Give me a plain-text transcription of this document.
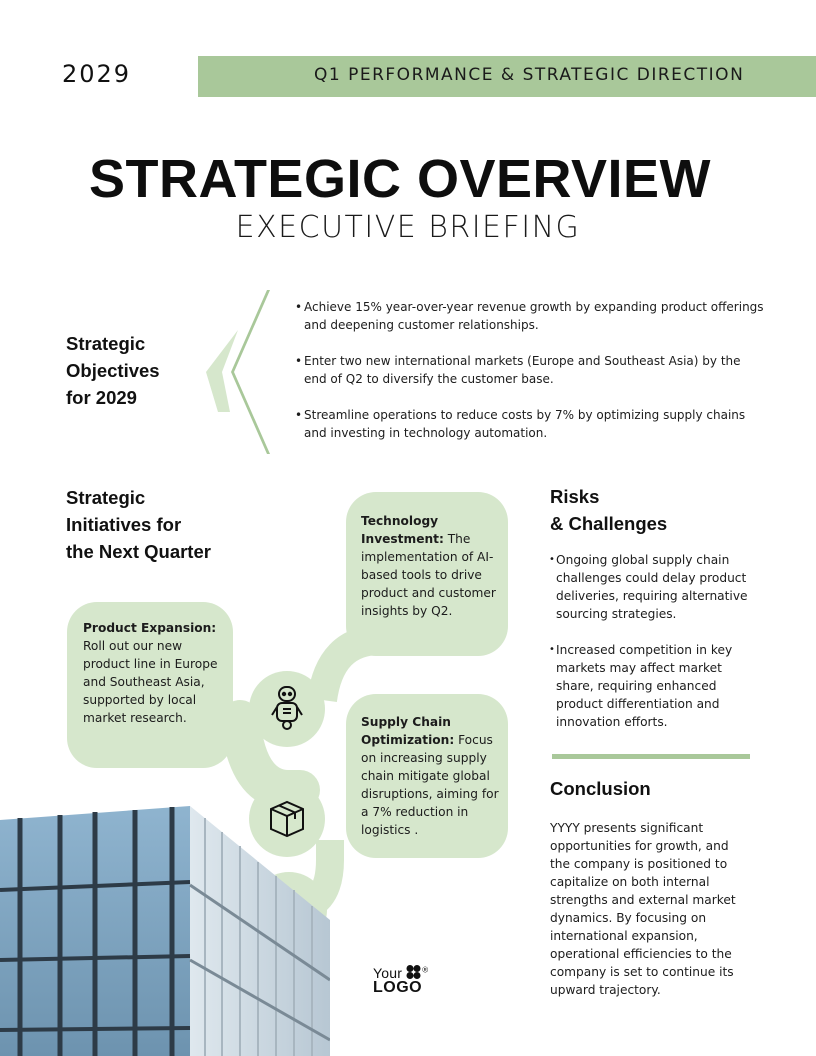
2029	Q1 PERFORMANCE & STRATEGIC DIRECTION
STRATEGIC OVERVIEW
EXECUTIVE BRIEFING
Strategic
Objectives
for 2029
• Achieve 15% year-over-year revenue growth by expanding product offerings and deepening customer relationships.
• Enter two new international markets (Europe and Southeast Asia) by the end of Q2 to diversify the customer base.
• Streamline operations to reduce costs by 7% by optimizing supply chains and investing in technology automation.
Strategic
Initiatives for
the Next Quarter
Product Expansion:
Roll out our new product line in Europe and Southeast Asia, supported by local market research.
Technology Investment: The implementation of AI-based tools to drive product and customer insights by Q2.
Supply Chain Optimization: Focus on increasing supply chain mitigate global disruptions, aiming for a 7% reduction in logistics .
Risks
& Challenges
• Ongoing global supply chain challenges could delay product deliveries, requiring alternative sourcing strategies.
• Increased competition in key markets may affect market share, requiring enhanced product differentiation and innovation efforts.
Conclusion
YYYY presents significant opportunities for growth, and the company is positioned to capitalize on both internal strengths and external market dynamics. By focusing on international expansion, operational efficiencies to the company is set to continue its upward trajectory.
Your	®
LOGO
